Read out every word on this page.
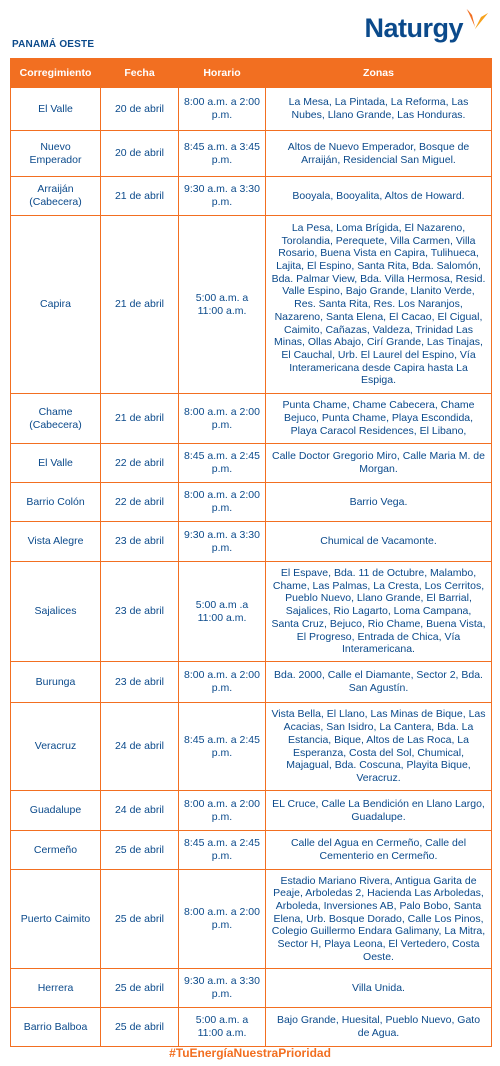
PANAMÁ OESTE
Naturgy
Corregimiento	Fecha	Horario	Zonas
El Valle	20 de abril	8:00 a.m. a 2:00 p.m.	La Mesa, La Pintada, La Reforma, Las Nubes, Llano Grande, Las Honduras.
Nuevo Emperador	20 de abril	8:45 a.m. a 3:45 p.m.	Altos de Nuevo Emperador, Bosque de Arraiján, Residencial San Miguel.
Arraiján (Cabecera)	21 de abril	9:30 a.m. a 3:30 p.m.	Booyala, Booyalita, Altos de Howard.
Capira	21 de abril	5:00 a.m. a 11:00 a.m.	La Pesa, Loma Brígida, El Nazareno, Torolandia, Perequete, Villa Carmen, Villa Rosario, Buena Vista en Capira, Tulihueca, Lajita, El Espino, Santa Rita, Bda. Salomón, Bda. Palmar View, Bda. Villa Hermosa, Resid. Valle Espino, Bajo Grande, Llanito Verde, Res. Santa Rita, Res. Los Naranjos, Nazareno, Santa Elena, El Cacao, El Cigual, Caimito, Cañazas, Valdeza, Trinidad Las Minas, Ollas Abajo, Cirí Grande, Las Tinajas, El Cauchal, Urb. El Laurel del Espino, Vía Interamericana desde Capira hasta La Espiga.
Chame (Cabecera)	21 de abril	8:00 a.m. a 2:00 p.m.	Punta Chame, Chame Cabecera, Chame Bejuco, Punta Chame, Playa Escondida, Playa Caracol Residences, El Libano,
El Valle	22 de abril	8:45 a.m. a 2:45 p.m.	Calle Doctor Gregorio Miro, Calle Maria M. de Morgan.
Barrio Colón	22 de abril	8:00 a.m. a 2:00 p.m.	Barrio Vega.
Vista Alegre	23 de abril	9:30 a.m. a 3:30 p.m.	Chumical de Vacamonte.
Sajalices	23 de abril	5:00 a.m .a 11:00 a.m.	El Espave, Bda. 11 de Octubre, Malambo, Chame, Las Palmas, La Cresta, Los Cerritos, Pueblo Nuevo, Llano Grande, El Barrial, Sajalices, Rio Lagarto, Loma Campana, Santa Cruz, Bejuco, Rio Chame, Buena Vista, El Progreso, Entrada de Chica, Vía Interamericana.
Burunga	23 de abril	8:00 a.m. a 2:00 p.m.	Bda. 2000, Calle el Diamante, Sector 2, Bda. San Agustín.
Veracruz	24 de abril	8:45 a.m. a 2:45 p.m.	Vista Bella, El Llano, Las Minas de Bique, Las Acacias, San Isidro, La Cantera, Bda. La Estancia, Bique, Altos de Las Roca, La Esperanza, Costa del Sol, Chumical, Majagual, Bda. Coscuna, Playita Bique, Veracruz.
Guadalupe	24 de abril	8:00 a.m. a 2:00 p.m.	EL Cruce, Calle La Bendición en Llano Largo, Guadalupe.
Cermeño	25 de abril	8:45 a.m. a 2:45 p.m.	Calle del Agua en Cermeño, Calle del Cementerio en Cermeño.
Puerto Caimito	25 de abril	8:00 a.m. a 2:00 p.m.	Estadio Mariano Rivera, Antigua Garita de Peaje, Arboledas 2, Hacienda Las Arboledas, Arboleda, Inversiones AB, Palo Bobo, Santa Elena, Urb. Bosque Dorado, Calle Los Pinos, Colegio Guillermo Endara Galimany, La Mitra, Sector H, Playa Leona, El Vertedero, Costa Oeste.
Herrera	25 de abril	9:30 a.m. a 3:30 p.m.	Villa Unida.
Barrio Balboa	25 de abril	5:00 a.m. a 11:00 a.m.	Bajo Grande, Huesital, Pueblo Nuevo, Gato de Agua.
#TuEnergíaNuestraPrioridad
